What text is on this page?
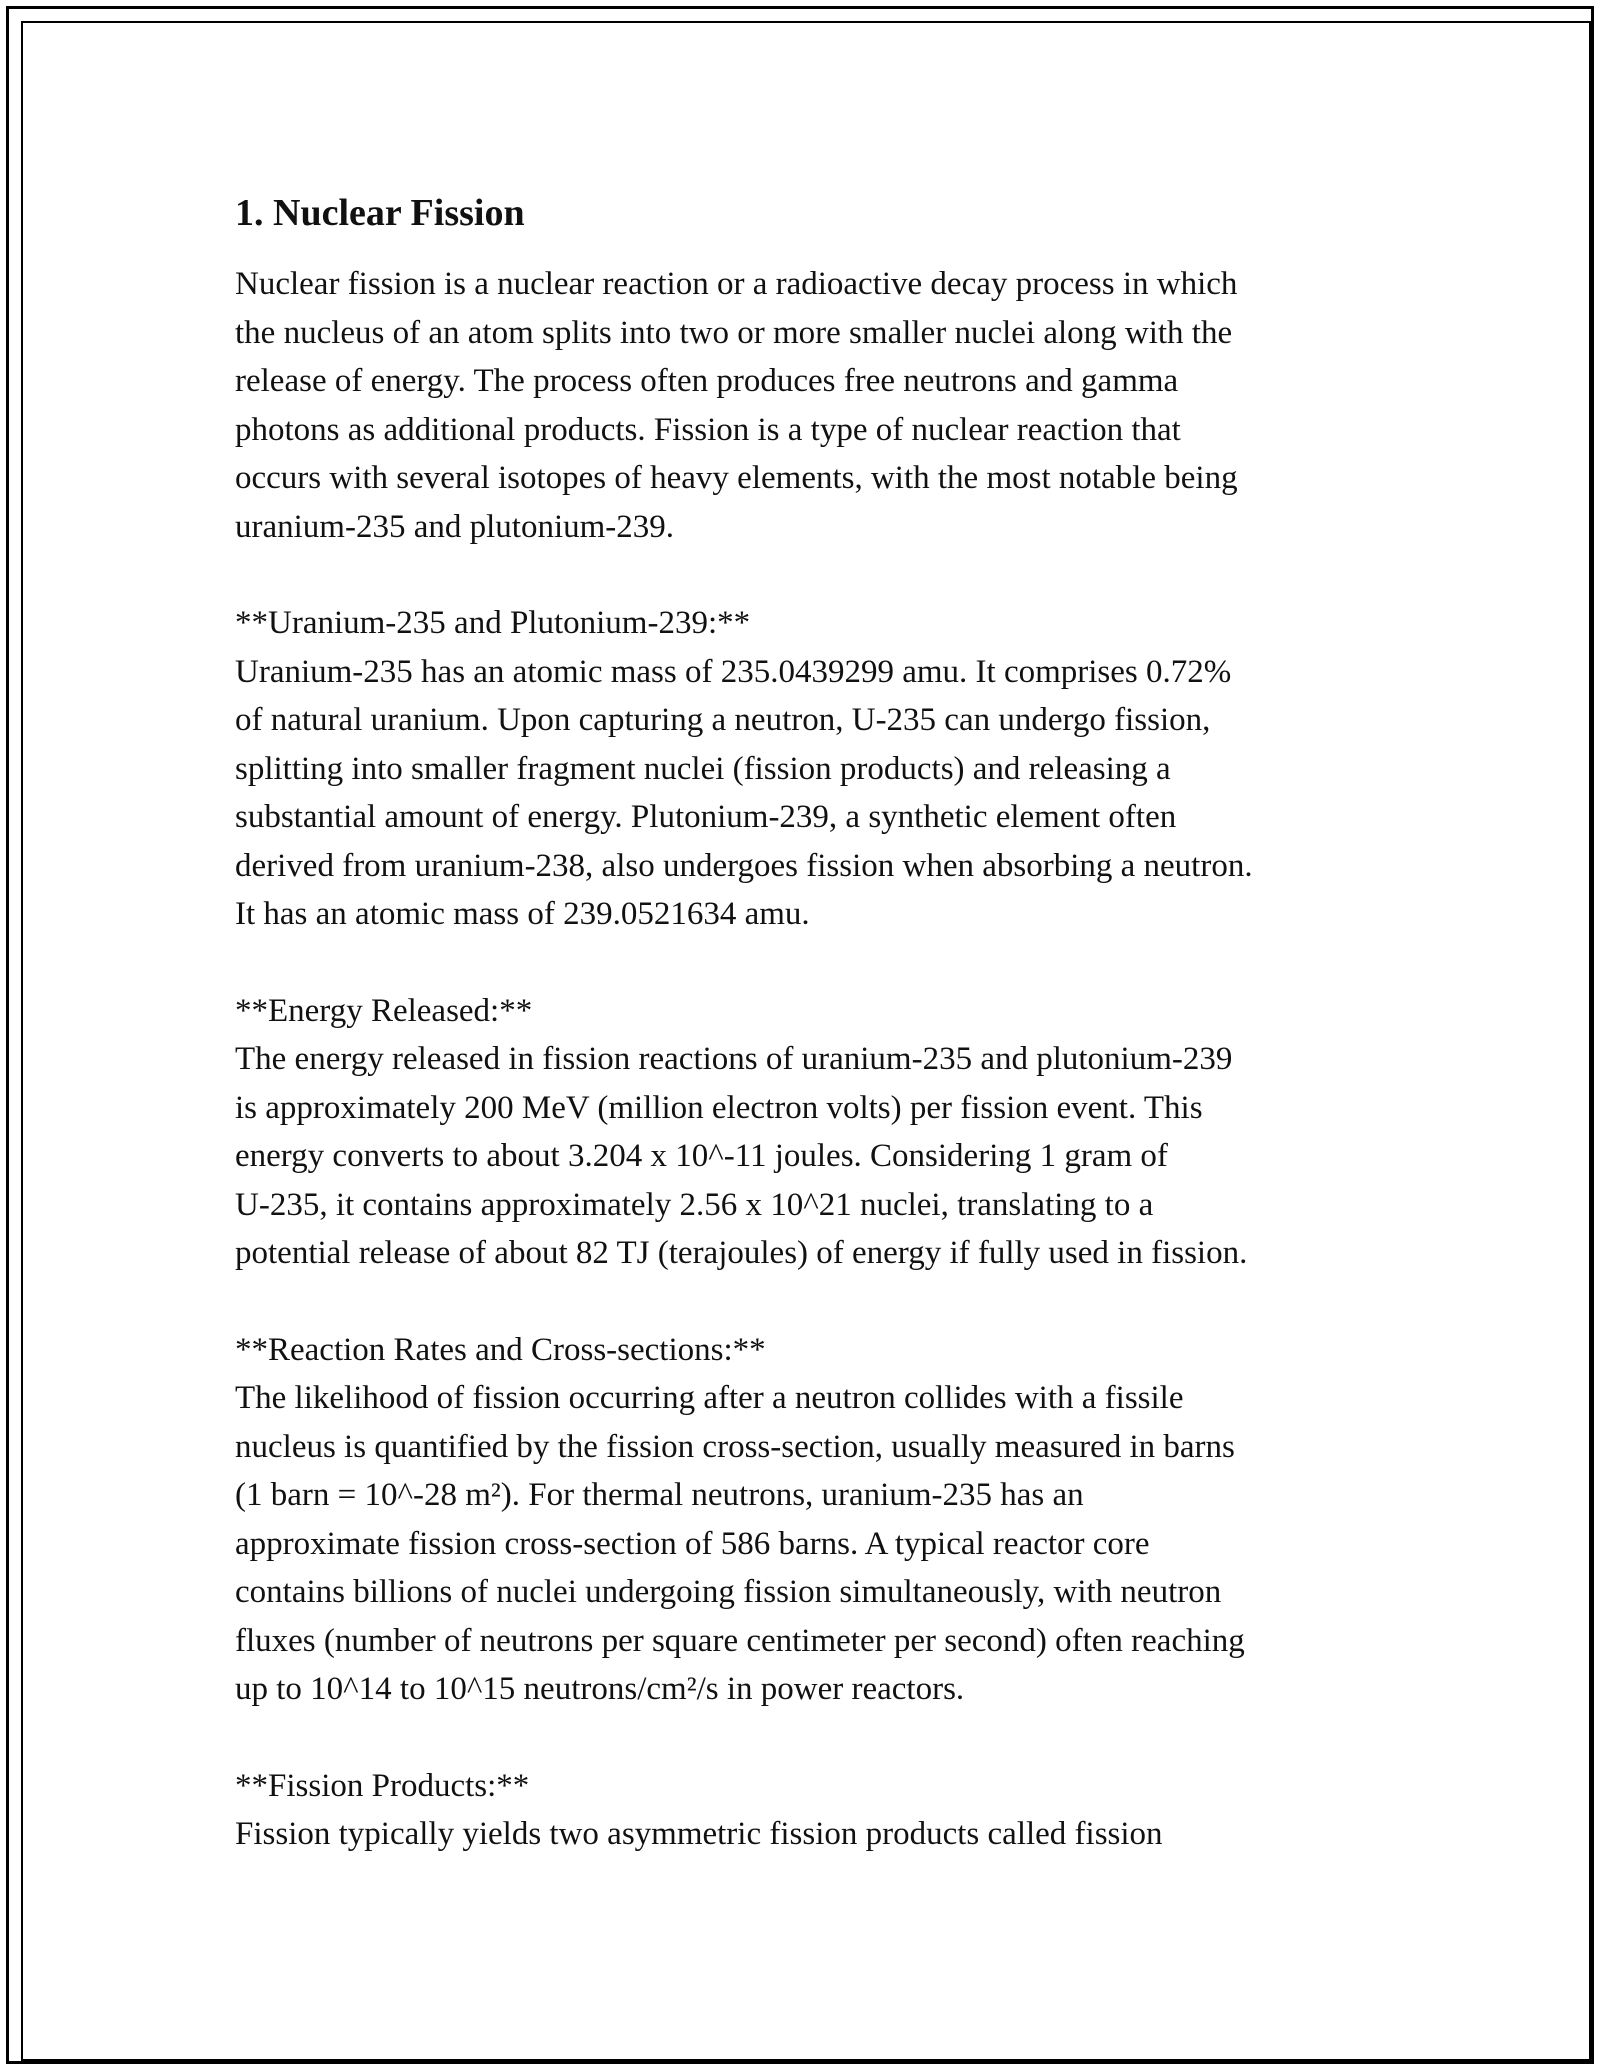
1. Nuclear Fission

Nuclear fission is a nuclear reaction or a radioactive decay process in which
the nucleus of an atom splits into two or more smaller nuclei along with the
release of energy. The process often produces free neutrons and gamma
photons as additional products. Fission is a type of nuclear reaction that
occurs with several isotopes of heavy elements, with the most notable being
uranium-235 and plutonium-239.

**Uranium-235 and Plutonium-239:**

Uranium-235 has an atomic mass of 235.0439299 amu. It comprises 0.72%
of natural uranium. Upon capturing a neutron, U-235 can undergo fission,
splitting into smaller fragment nuclei (fission products) and releasing a
substantial amount of energy. Plutonium-239, a synthetic element often
derived from uranium-238, also undergoes fission when absorbing a neutron.
It has an atomic mass of 239.0521634 amu.

**Energy Released:**

The energy released in fission reactions of uranium-235 and plutonium-239
is approximately 200 MeV (million electron volts) per fission event. This
energy converts to about 3.204 x 10^-11 joules. Considering 1 gram of
U-235, it contains approximately 2.56 x 10^21 nuclei, translating to a
potential release of about 82 TJ (terajoules) of energy if fully used in fission.

**Reaction Rates and Cross-sections:**

The likelihood of fission occurring after a neutron collides with a fissile
nucleus is quantified by the fission cross-section, usually measured in barns
(1 barn = 10^-28 m²). For thermal neutrons, uranium-235 has an
approximate fission cross-section of 586 barns. A typical reactor core
contains billions of nuclei undergoing fission simultaneously, with neutron
fluxes (number of neutrons per square centimeter per second) often reaching
up to 10^14 to 10^15 neutrons/cm²/s in power reactors.

**Fission Products:**

Fission typically yields two asymmetric fission products called fission
